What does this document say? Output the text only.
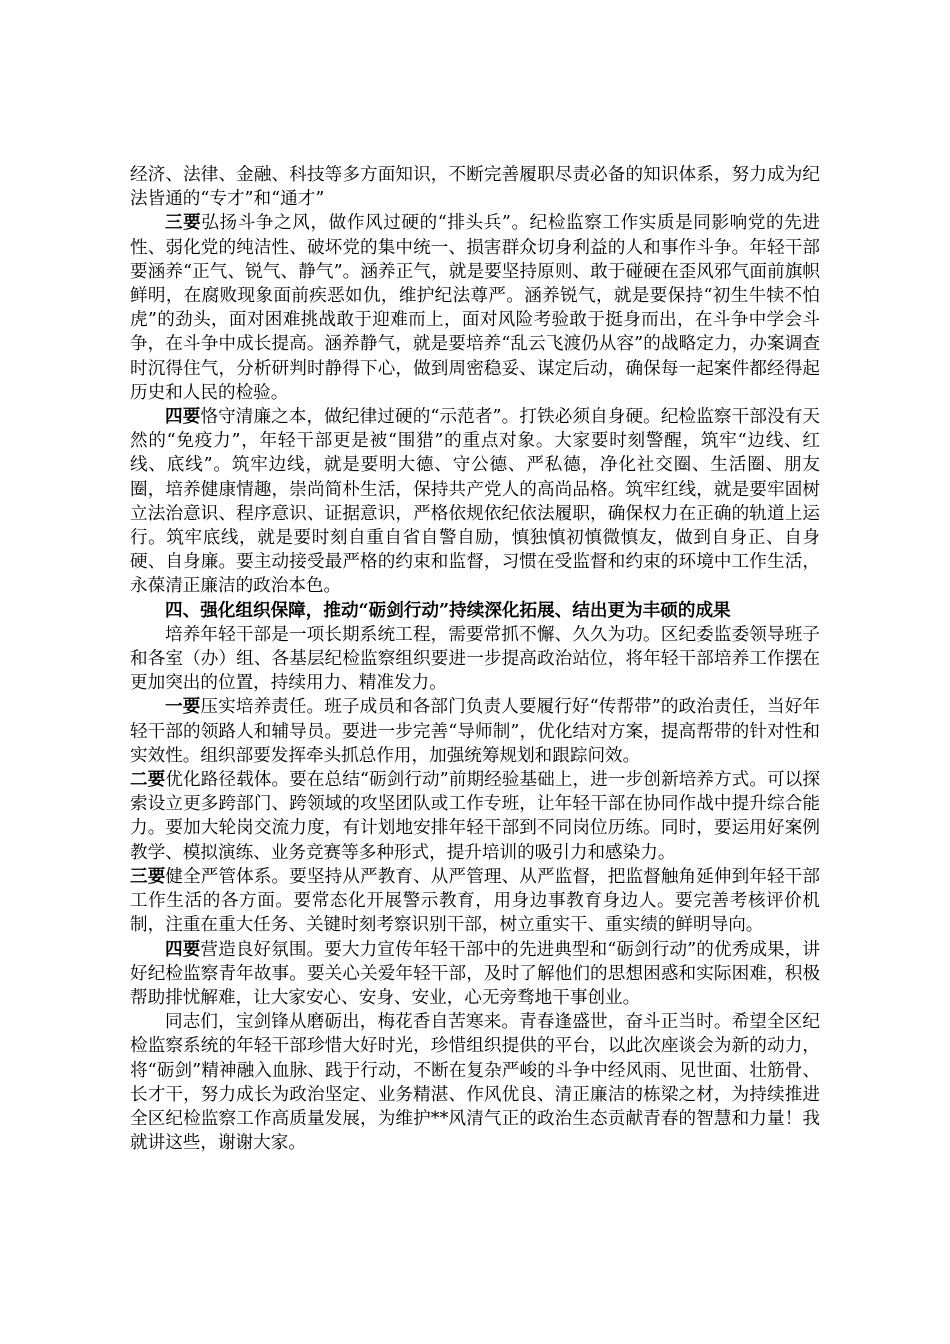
经济、法律、金融、科技等多方面知识，不断完善履职尽责必备的知识体系，努力成为纪法皆通的“专才”和“通才”

三要弘扬斗争之风，做作风过硬的“排头兵”。纪检监察工作实质是同影响党的先进性、弱化党的纯洁性、破坏党的集中统一、损害群众切身利益的人和事作斗争。年轻干部要涵养“正气、锐气、静气”。涵养正气，就是要坚持原则、敢于碰硬在歪风邪气面前旗帜鲜明，在腐败现象面前疾恶如仇，维护纪法尊严。涵养锐气，就是要保持“初生牛犊不怕虎”的劲头，面对困难挑战敢于迎难而上，面对风险考验敢于挺身而出，在斗争中学会斗争，在斗争中成长提高。涵养静气，就是要培养“乱云飞渡仍从容”的战略定力，办案调查时沉得住气，分析研判时静得下心，做到周密稳妥、谋定后动，确保每一起案件都经得起历史和人民的检验。

四要恪守清廉之本，做纪律过硬的“示范者”。打铁必须自身硬。纪检监察干部没有天然的“免疫力”，年轻干部更是被“围猎”的重点对象。大家要时刻警醒，筑牢“边线、红线、底线”。筑牢边线，就是要明大德、守公德、严私德，净化社交圈、生活圈、朋友圈，培养健康情趣，崇尚简朴生活，保持共产党人的高尚品格。筑牢红线，就是要牢固树立法治意识、程序意识、证据意识，严格依规依纪依法履职，确保权力在正确的轨道上运行。筑牢底线，就是要时刻自重自省自警自励，慎独慎初慎微慎友，做到自身正、自身硬、自身廉。要主动接受最严格的约束和监督，习惯在受监督和约束的环境中工作生活，永葆清正廉洁的政治本色。

四、强化组织保障，推动“砺剑行动”持续深化拓展、结出更为丰硕的成果

培养年轻干部是一项长期系统工程，需要常抓不懈、久久为功。区纪委监委领导班子和各室（办）组、各基层纪检监察组织要进一步提高政治站位，将年轻干部培养工作摆在更加突出的位置，持续用力、精准发力。

一要压实培养责任。班子成员和各部门负责人要履行好“传帮带”的政治责任，当好年轻干部的领路人和辅导员。要进一步完善“导师制”，优化结对方案，提高帮带的针对性和实效性。组织部要发挥牵头抓总作用，加强统筹规划和跟踪问效。

二要优化路径载体。要在总结“砺剑行动”前期经验基础上，进一步创新培养方式。可以探索设立更多跨部门、跨领域的攻坚团队或工作专班，让年轻干部在协同作战中提升综合能力。要加大轮岗交流力度，有计划地安排年轻干部到不同岗位历练。同时，要运用好案例教学、模拟演练、业务竞赛等多种形式，提升培训的吸引力和感染力。

三要健全严管体系。要坚持从严教育、从严管理、从严监督，把监督触角延伸到年轻干部工作生活的各方面。要常态化开展警示教育，用身边事教育身边人。要完善考核评价机制，注重在重大任务、关键时刻考察识别干部，树立重实干、重实绩的鲜明导向。

四要营造良好氛围。要大力宣传年轻干部中的先进典型和“砺剑行动”的优秀成果，讲好纪检监察青年故事。要关心关爱年轻干部，及时了解他们的思想困惑和实际困难，积极帮助排忧解难，让大家安心、安身、安业，心无旁骛地干事创业。

同志们，宝剑锋从磨砺出，梅花香自苦寒来。青春逢盛世，奋斗正当时。希望全区纪检监察系统的年轻干部珍惜大好时光，珍惜组织提供的平台，以此次座谈会为新的动力，将“砺剑”精神融入血脉、践于行动，不断在复杂严峻的斗争中经风雨、见世面、壮筋骨、长才干，努力成长为政治坚定、业务精湛、作风优良、清正廉洁的栋梁之材，为持续推进全区纪检监察工作高质量发展，为维护**风清气正的政治生态贡献青春的智慧和力量！我就讲这些，谢谢大家。
